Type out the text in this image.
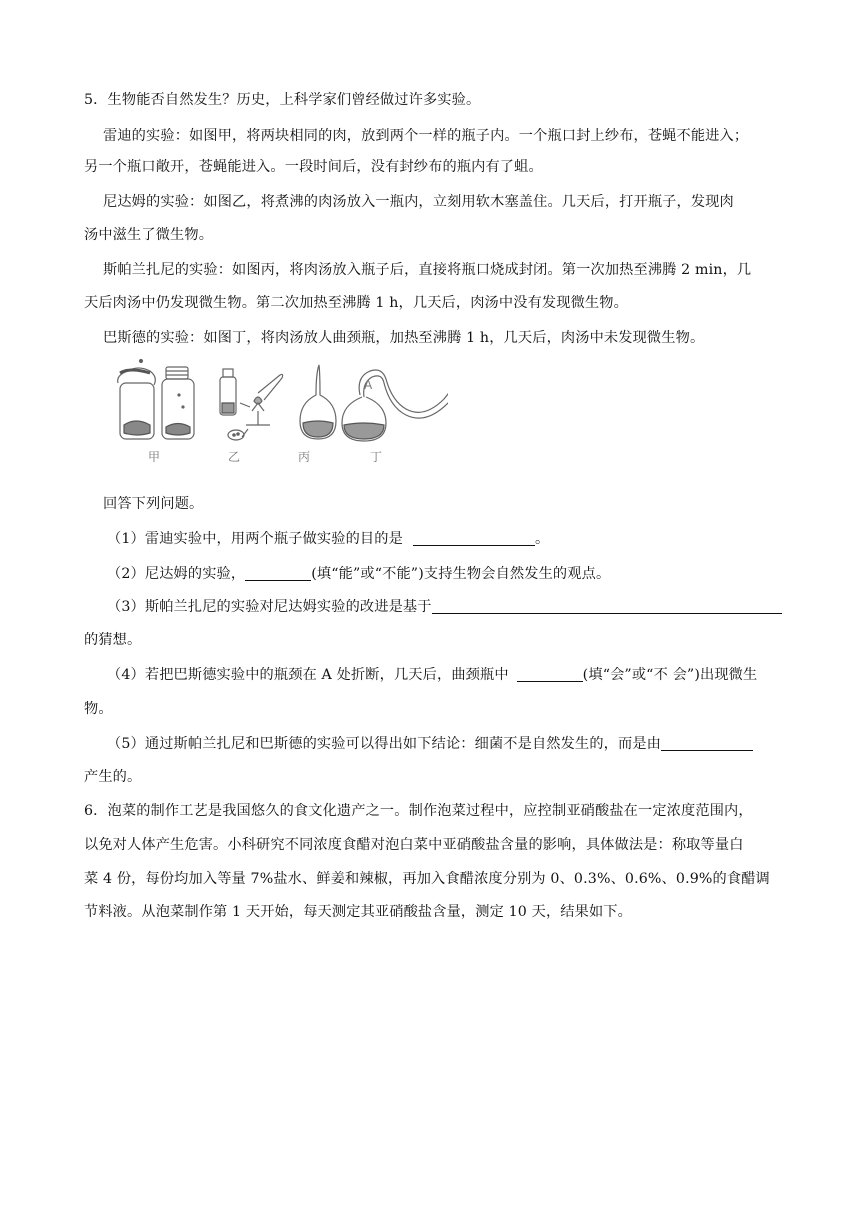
5．生物能否自然发生？历史，上科学家们曾经做过许多实验。
雷迪的实验：如图甲，将两块相同的肉，放到两个一样的瓶子内。一个瓶口封上纱布，苍蝇不能进入；
另一个瓶口敞开，苍蝇能进入。一段时间后，没有封纱布的瓶内有了蛆。
尼达姆的实验：如图乙，将煮沸的肉汤放入一瓶内，立刻用软木塞盖住。几天后，打开瓶子，发现肉
汤中滋生了微生物。
斯帕兰扎尼的实验：如图丙，将肉汤放入瓶子后，直接将瓶口烧成封闭。第一次加热至沸腾 2 min，几
天后肉汤中仍发现微生物。第二次加热至沸腾 1 h，几天后，肉汤中没有发现微生物。
巴斯德的实验：如图丁，将肉汤放人曲颈瓶，加热至沸腾 1 h，几天后，肉汤中未发现微生物。
A
甲	乙	丙	丁
回答下列问题。
（1）雷迪实验中，用两个瓶子做实验的目的是	。
（2）尼达姆的实验，	(填“能”或“不能”)支持生物会自然发生的观点。
（3）斯帕兰扎尼的实验对尼达姆实验的改进是基于
的猜想。
（4）若把巴斯德实验中的瓶颈在 A 处折断，几天后，曲颈瓶中	(填“会”或“不 会”)出现微生
物。
（5）通过斯帕兰扎尼和巴斯德的实验可以得出如下结论：细菌不是自然发生的，而是由
产生的。
6．泡菜的制作工艺是我国悠久的食文化遗产之一。制作泡菜过程中，应控制亚硝酸盐在一定浓度范围内，
以免对人体产生危害。小科研究不同浓度食醋对泡白菜中亚硝酸盐含量的影响，具体做法是：称取等量白
菜 4 份，每份均加入等量 7%盐水、鲜姜和辣椒，再加入食醋浓度分别为 0、0.3%、0.6%、0.9%的食醋调
节料液。从泡菜制作第 1 天开始，每天测定其亚硝酸盐含量，测定 10 天，结果如下。
